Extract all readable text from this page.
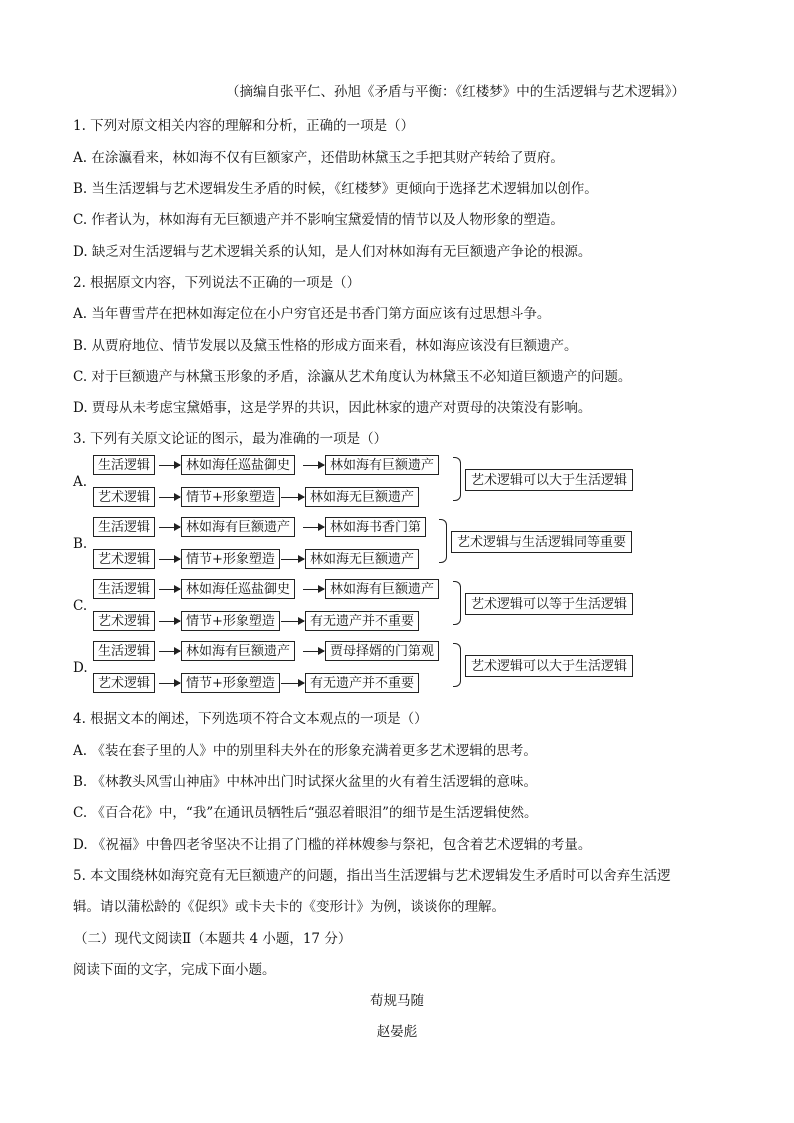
（摘编自张平仁、孙旭《矛盾与平衡：《红楼梦》中的生活逻辑与艺术逻辑》）
1. 下列对原文相关内容的理解和分析，正确的一项是（）
A. 在涂瀛看来，林如海不仅有巨额家产，还借助林黛玉之手把其财产转给了贾府。
B. 当生活逻辑与艺术逻辑发生矛盾的时候，《红楼梦》更倾向于选择艺术逻辑加以创作。
C. 作者认为，林如海有无巨额遗产并不影响宝黛爱情的情节以及人物形象的塑造。
D. 缺乏对生活逻辑与艺术逻辑关系的认知，是人们对林如海有无巨额遗产争论的根源。
2. 根据原文内容，下列说法不正确的一项是（）
A. 当年曹雪芹在把林如海定位在小户穷官还是书香门第方面应该有过思想斗争。
B. 从贾府地位、情节发展以及黛玉性格的形成方面来看，林如海应该没有巨额遗产。
C. 对于巨额遗产与林黛玉形象的矛盾，涂瀛从艺术角度认为林黛玉不必知道巨额遗产的问题。
D. 贾母从未考虑宝黛婚事，这是学界的共识，因此林家的遗产对贾母的决策没有影响。
3. 下列有关原文论证的图示，最为准确的一项是（）
A.
生活逻辑	林如海任巡盐御史	林如海有巨额遗产
艺术逻辑	情节+形象塑造	林如海无巨额遗产
艺术逻辑可以大于生活逻辑
B.
生活逻辑	林如海有巨额遗产	林如海书香门第
艺术逻辑	情节+形象塑造	林如海无巨额遗产
艺术逻辑与生活逻辑同等重要
C.
生活逻辑	林如海任巡盐御史	林如海有巨额遗产
艺术逻辑	情节+形象塑造	有无遗产并不重要
艺术逻辑可以等于生活逻辑
D.
生活逻辑	林如海有巨额遗产	贾母择婿的门第观
艺术逻辑	情节+形象塑造	有无遗产并不重要
艺术逻辑可以大于生活逻辑
4. 根据文本的阐述，下列选项不符合文本观点的一项是（）
A. 《装在套子里的人》中的别里科夫外在的形象充满着更多艺术逻辑的思考。
B. 《林教头风雪山神庙》中林冲出门时试探火盆里的火有着生活逻辑的意味。
C. 《百合花》中，“我”在通讯员牺牲后“强忍着眼泪”的细节是生活逻辑使然。
D. 《祝福》中鲁四老爷坚决不让捐了门槛的祥林嫂参与祭祀，包含着艺术逻辑的考量。
5. 本文围绕林如海究竟有无巨额遗产的问题，指出当生活逻辑与艺术逻辑发生矛盾时可以舍弃生活逻
辑。请以蒲松龄的《促织》或卡夫卡的《变形计》为例，谈谈你的理解。
（二）现代文阅读Ⅱ（本题共 4 小题，17 分）
阅读下面的文字，完成下面小题。
荀规马随
赵晏彪
